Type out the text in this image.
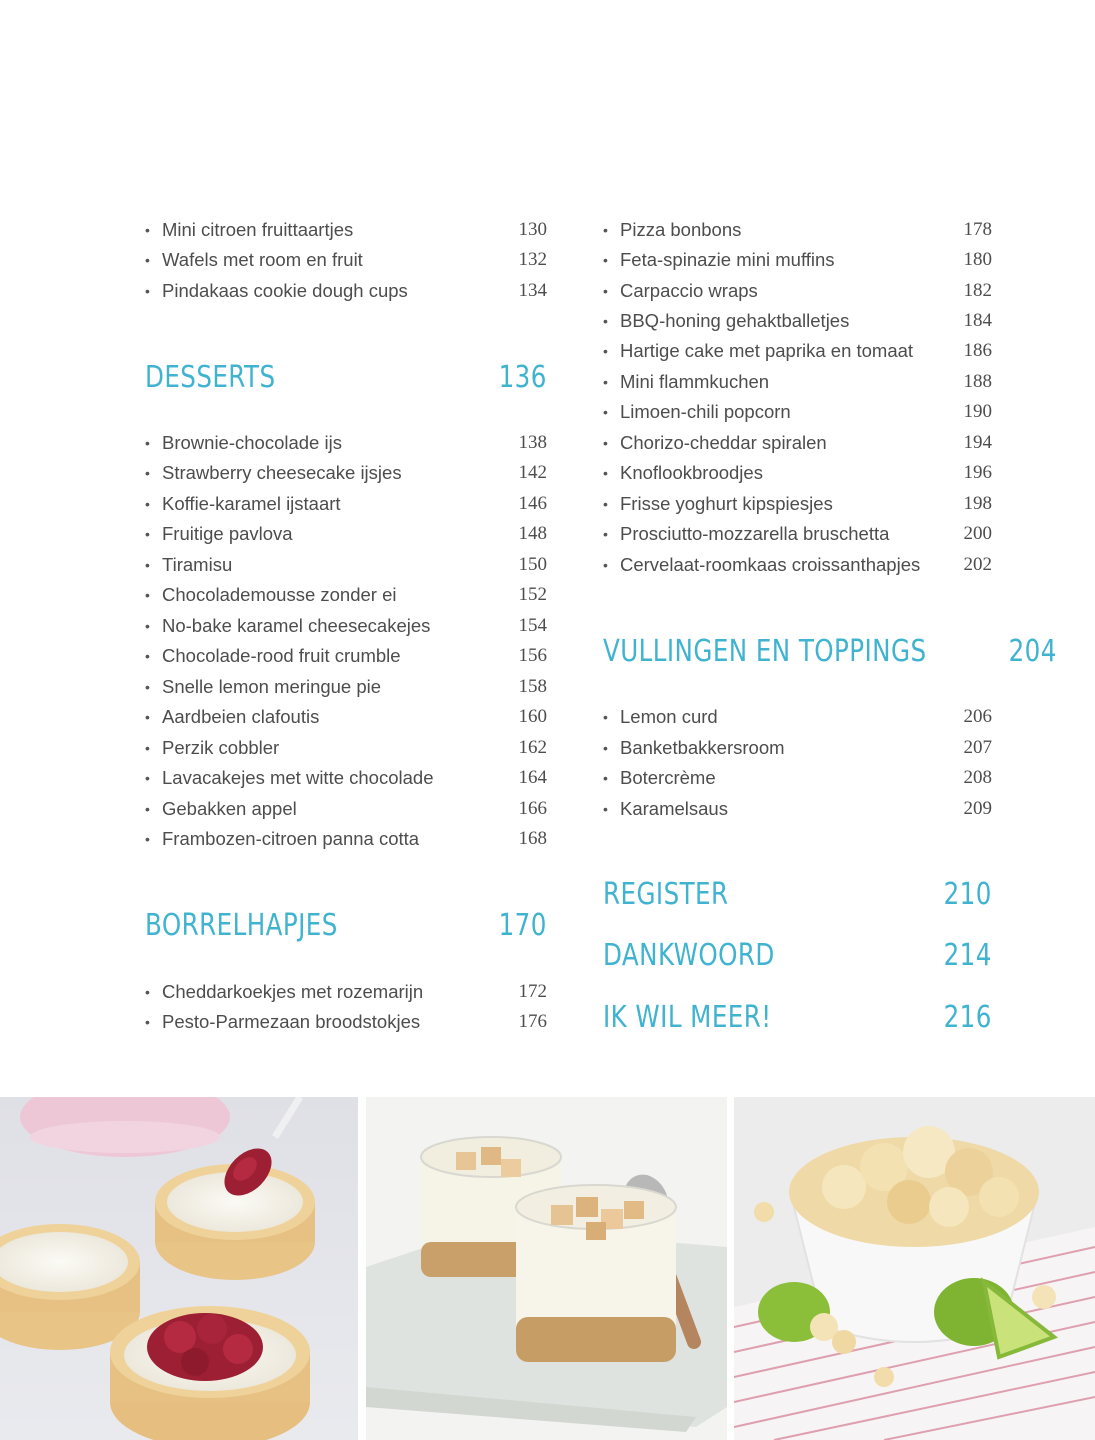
• Mini citroen fruittaartjes	130
• Wafels met room en fruit	132
• Pindakaas cookie dough cups	134
DESSERTS	136
• Brownie-chocolade ijs	138
• Strawberry cheesecake ijsjes	142
• Koffie-karamel ijstaart	146
• Fruitige pavlova	148
• Tiramisu	150
• Chocolademousse zonder ei	152
• No-bake karamel cheesecakejes	154
• Chocolade-rood fruit crumble	156
• Snelle lemon meringue pie	158
• Aardbeien clafoutis	160
• Perzik cobbler	162
• Lavacakejes met witte chocolade	164
• Gebakken appel	166
• Frambozen-citroen panna cotta	168
BORRELHAPJES	170
• Cheddarkoekjes met rozemarijn	172
• Pesto-Parmezaan broodstokjes	176
• Pizza bonbons	178
• Feta-spinazie mini muffins	180
• Carpaccio wraps	182
• BBQ-honing gehaktballetjes	184
• Hartige cake met paprika en tomaat	186
• Mini flammkuchen	188
• Limoen-chili popcorn	190
• Chorizo-cheddar spiralen	194
• Knoflookbroodjes	196
• Frisse yoghurt kipspiesjes	198
• Prosciutto-mozzarella bruschetta	200
• Cervelaat-roomkaas croissanthapjes	202
VULLINGEN EN TOPPINGS	204
• Lemon curd	206
• Banketbakkersroom	207
• Botercrème	208
• Karamelsaus	209
REGISTER	210
DANKWOORD	214
IK WIL MEER!	216
